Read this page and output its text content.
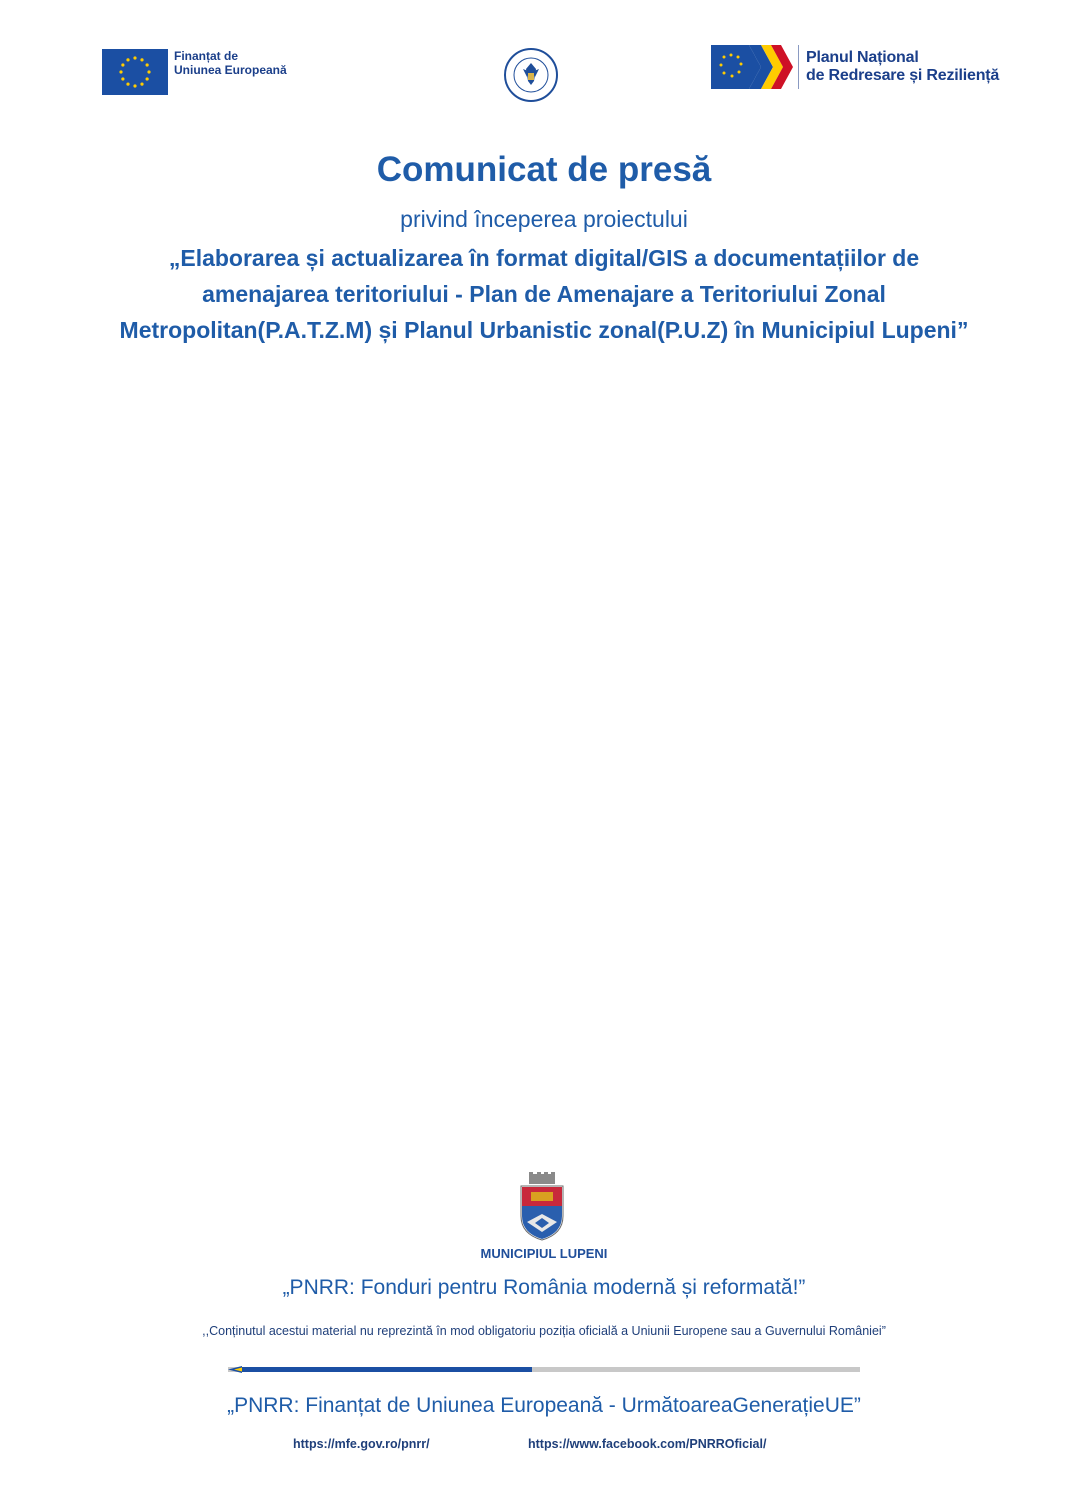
Finanțat de
Uniunea Europeană
Planul Național
de Redresare și Reziliență
Comunicat de presă
privind începerea proiectului
„Elaborarea și actualizarea în format digital/GIS a documentațiilor de
amenajarea teritoriului - Plan de Amenajare a Teritoriului Zonal
Metropolitan(P.A.T.Z.M) și Planul Urbanistic zonal(P.U.Z) în Municipiul Lupeni”
MUNICIPIUL LUPENI
„PNRR: Fonduri pentru România modernă și reformată!”
,,Conținutul acestui material nu reprezintă în mod obligatoriu poziția oficială a Uniunii Europene sau a Guvernului României”
„PNRR: Finanțat de Uniunea Europeană - UrmătoareaGenerațieUE”
https://mfe.gov.ro/pnrr/	https://www.facebook.com/PNRROficial/
